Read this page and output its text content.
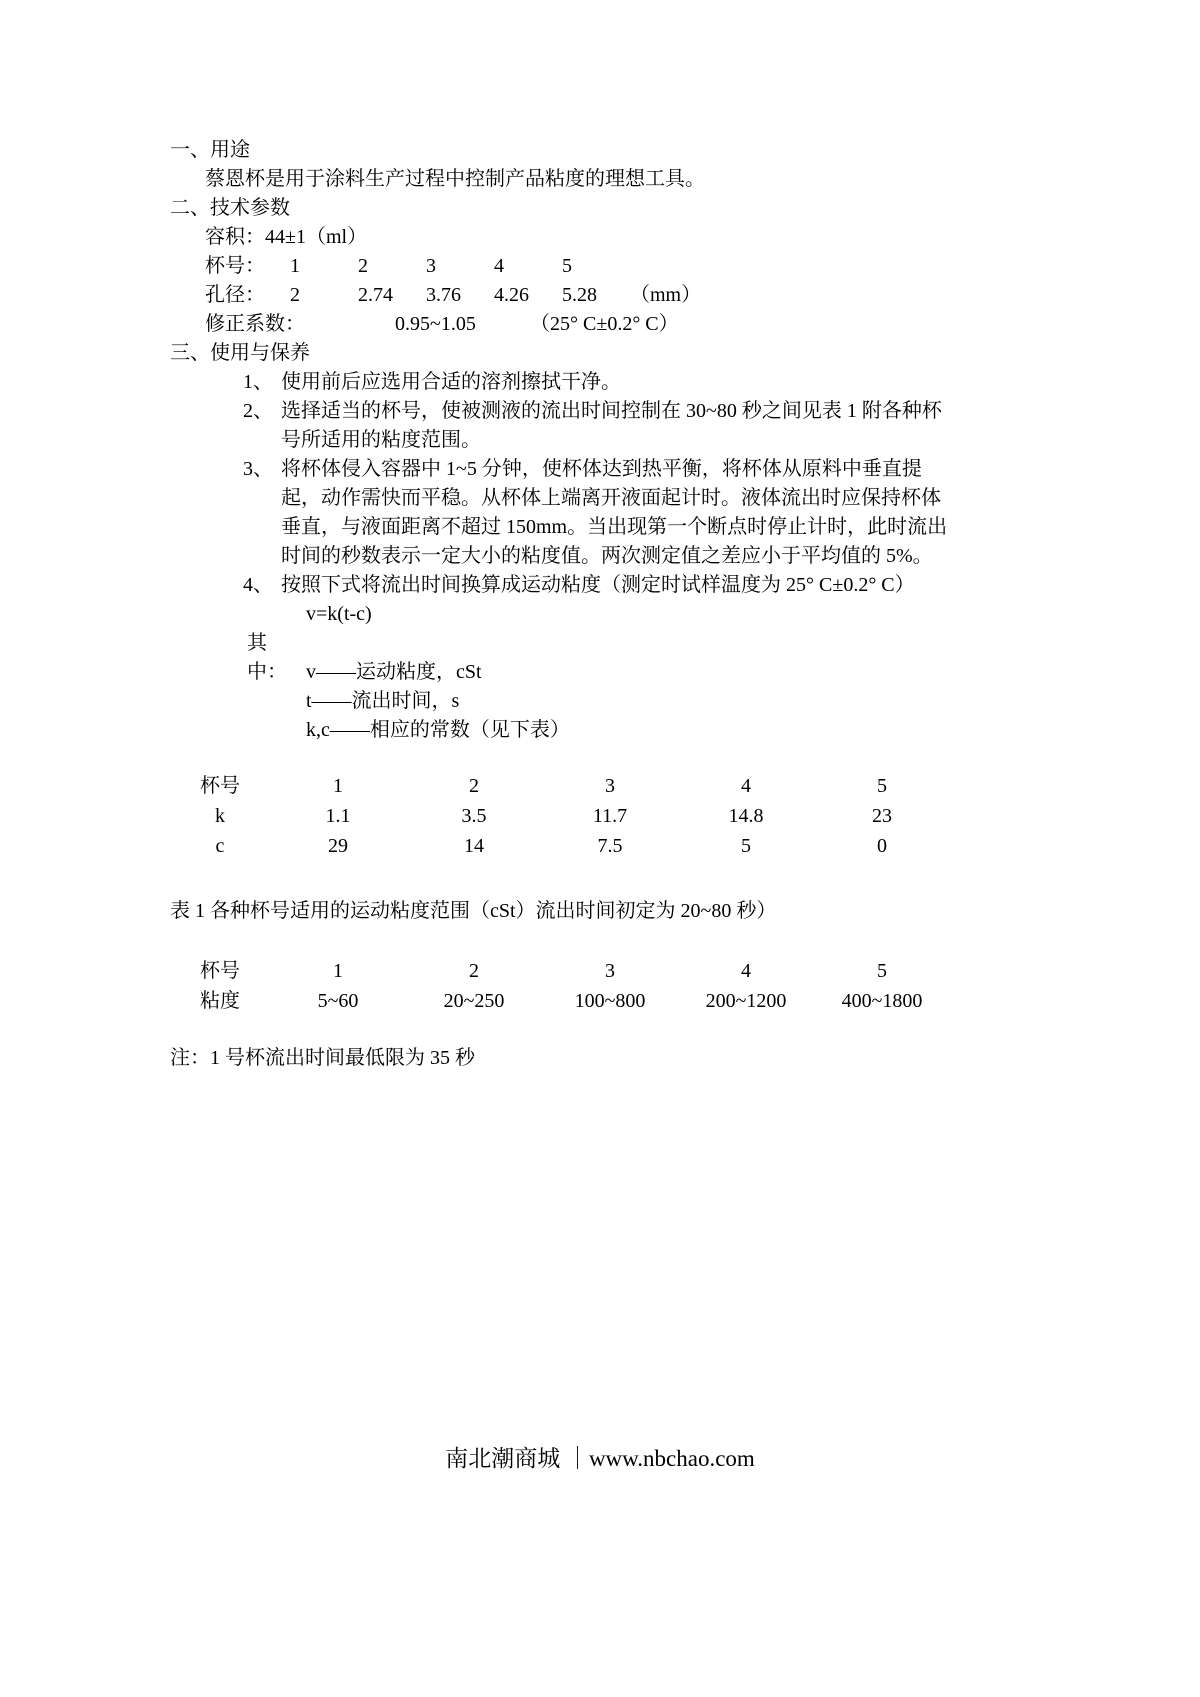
一、用途
蔡恩杯是用于涂料生产过程中控制产品粘度的理想工具。
二、技术参数
容积：44±1（ml）
杯号： 1	2	3	4	5
孔径： 2	2.74 3.76 4.26 5.28 （mm）
修正系数：	0.95~1.05	（25° C±0.2° C）
三、使用与保养
1、 使用前后应选用合适的溶剂擦拭干净。
2、 选择适当的杯号，使被测液的流出时间控制在 30~80 秒之间见表 1 附各种杯号所适用的粘度范围。
3、 将杯体侵入容器中 1~5 分钟，使杯体达到热平衡，将杯体从原料中垂直提起，动作需快而平稳。从杯体上端离开液面起计时。液体流出时应保持杯体垂直，与液面距离不超过 150mm。当出现第一个断点时停止计时，此时流出时间的秒数表示一定大小的粘度值。两次测定值之差应小于平均值的 5%。
4、 按照下式将流出时间换算成运动粘度（测定时试样温度为 25° C±0.2° C）
v=k(t-c)
其中： v——运动粘度，cSt
t——流出时间，s
k,c——相应的常数（见下表）
杯号	1	2	3	4	5
k	1.1	3.5	11.7	14.8	23
c	29	14	7.5	5	0
表 1 各种杯号适用的运动粘度范围（cSt）流出时间初定为 20~80 秒）
杯号	1	2	3	4	5
粘度	5~60	20~250	100~800	200~1200	400~1800
注：1 号杯流出时间最低限为 35 秒
南北潮商城 ｜www.nbchao.com
